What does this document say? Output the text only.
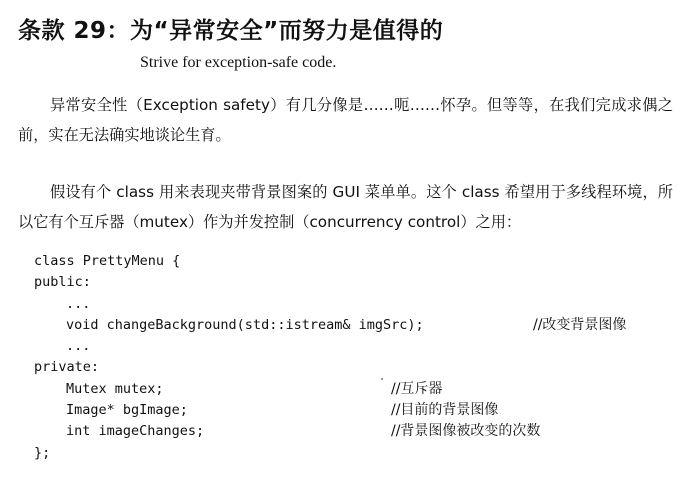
条款 29：为“异常安全”而努力是值得的
Strive for exception-safe code.

异常安全性（Exception safety）有几分像是……呃……怀孕。但等等，在我们完成求偶之前，实在无法确实地谈论生育。

假设有个 class 用来表现夹带背景图案的 GUI 菜单单。这个 class 希望用于多线程环境，所以它有个互斥器（mutex）作为并发控制（concurrency control）之用：

class PrettyMenu {
public:
...
void changeBackground(std::istream& imgSrc);	//改变背景图像
...
private:
Mutex mutex;	//互斥器
Image* bgImage;	//目前的背景图像
int imageChanges;	//背景图像被改变的次数
};
